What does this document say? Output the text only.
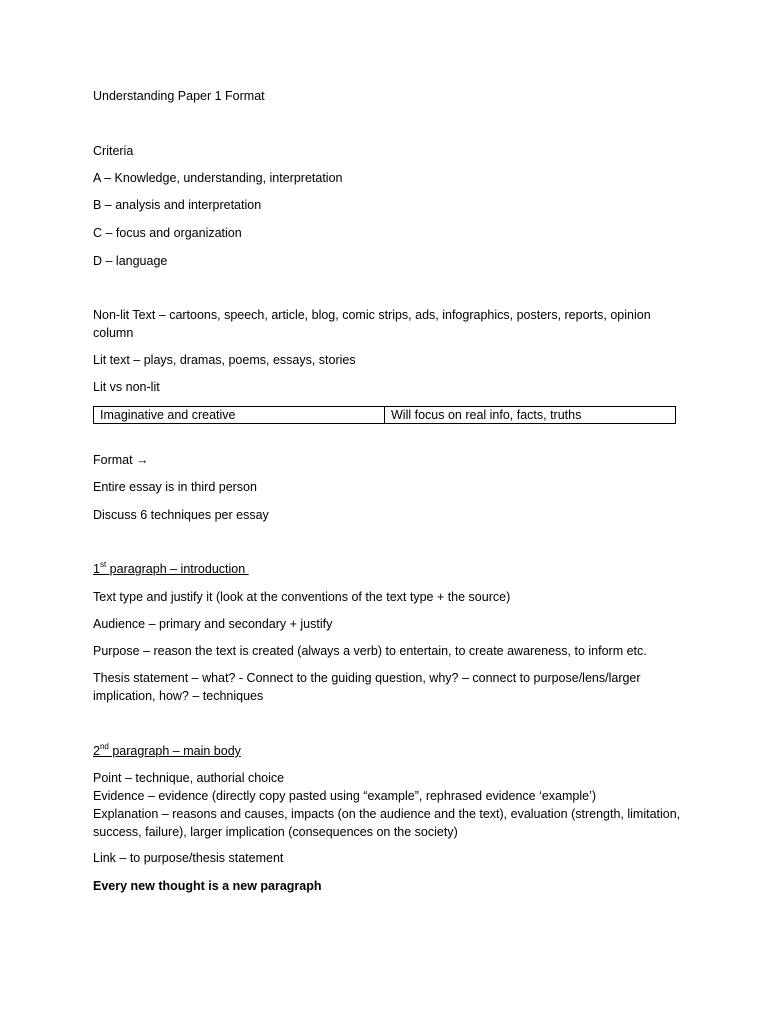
Understanding Paper 1 Format
Criteria
A – Knowledge, understanding, interpretation
B – analysis and interpretation
C – focus and organization
D – language
Non-lit Text – cartoons, speech, article, blog, comic strips, ads, infographics, posters, reports, opinion column
Lit text – plays, dramas, poems, essays, stories
Lit vs non-lit
Imaginative and creative	Will focus on real info, facts, truths
Format →
Entire essay is in third person
Discuss 6 techniques per essay
1st paragraph – introduction
Text type and justify it (look at the conventions of the text type + the source)
Audience – primary and secondary + justify
Purpose – reason the text is created (always a verb) to entertain, to create awareness, to inform etc.
Thesis statement – what? - Connect to the guiding question, why? – connect to purpose/lens/larger implication, how? – techniques
2nd paragraph – main body
Point – technique, authorial choice
Evidence – evidence (directly copy pasted using “example”, rephrased evidence ‘example’)
Explanation – reasons and causes, impacts (on the audience and the text), evaluation (strength, limitation, success, failure), larger implication (consequences on the society)
Link – to purpose/thesis statement
Every new thought is a new paragraph
